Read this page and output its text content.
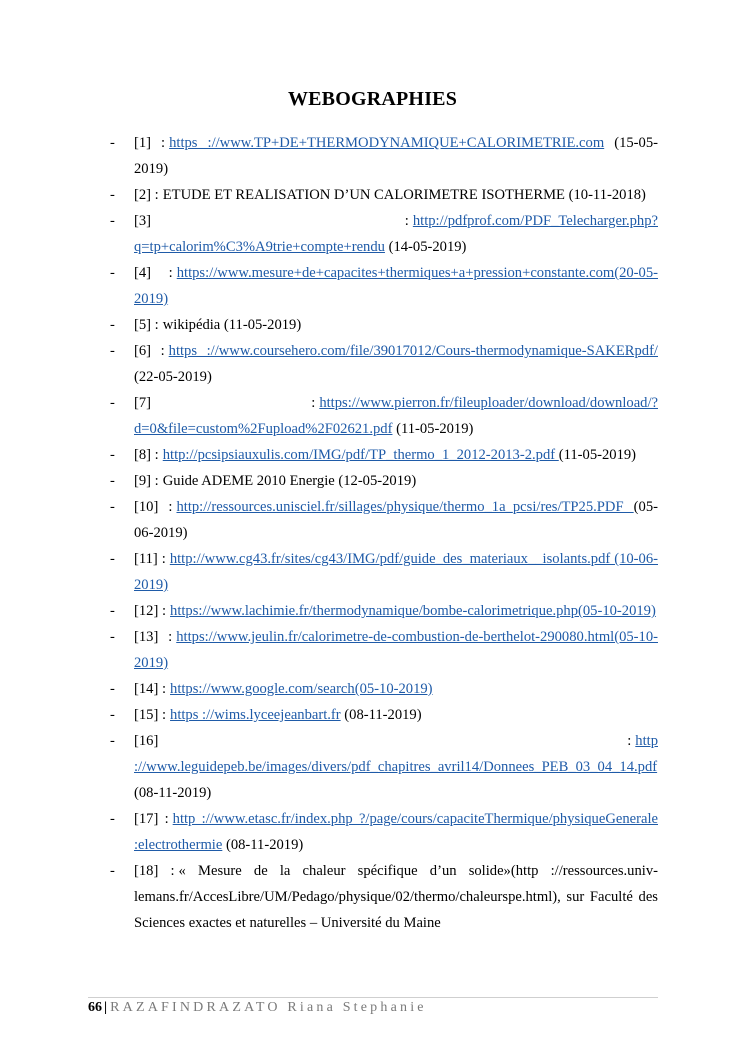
WEBOGRAPHIES
- [1] : https ://www.TP+DE+THERMODYNAMIQUE+CALORIMETRIE.com (15-05-2019)
- [2] : ETUDE ET REALISATION D’UN CALORIMETRE ISOTHERME (10-11-2018)
- [3] : http://pdfprof.com/PDF_Telecharger.php?q=tp+calorim%C3%A9trie+compte+rendu (14-05-2019)
- [4] : https://www.mesure+de+capacites+thermiques+a+pression+constante.com(20-05-2019)
- [5] : wikipédia (11-05-2019)
- [6] : https ://www.coursehero.com/file/39017012/Cours-thermodynamique-SAKERpdf/ (22-05-2019)
- [7] : https://www.pierron.fr/fileuploader/download/download/?d=0&file=custom%2Fupload%2F02621.pdf (11-05-2019)
- [8] : http://pcsipsiauxulis.com/IMG/pdf/TP_thermo_1_2012-2013-2.pdf (11-05-2019)
- [9] : Guide ADEME 2010 Energie (12-05-2019)
- [10] : http://ressources.unisciel.fr/sillages/physique/thermo_1a_pcsi/res/TP25.PDF (05-06-2019)
- [11] : http://www.cg43.fr/sites/cg43/IMG/pdf/guide_des_materiaux__isolants.pdf (10-06-2019)
- [12] : https://www.lachimie.fr/thermodynamique/bombe-calorimetrique.php(05-10-2019)
- [13] : https://www.jeulin.fr/calorimetre-de-combustion-de-berthelot-290080.html(05-10-2019)
- [14] : https://www.google.com/search(05-10-2019)
- [15] : https ://wims.lyceejeanbart.fr (08-11-2019)
- [16] : http ://www.leguidepeb.be/images/divers/pdf_chapitres_avril14/Donnees_PEB_03_04_14.pdf (08-11-2019)
- [17] : http ://www.etasc.fr/index.php ?/page/cours/capaciteThermique/physiqueGenerale :electrothermie (08-11-2019)
- [18] : « Mesure de la chaleur spécifique d’un solide»(http ://ressources.univ-lemans.fr/AccesLibre/UM/Pedago/physique/02/thermo/chaleurspe.html), sur Faculté des Sciences exactes et naturelles – Université du Maine
66 | RAZAFINDRAZATO Riana Stephanie
